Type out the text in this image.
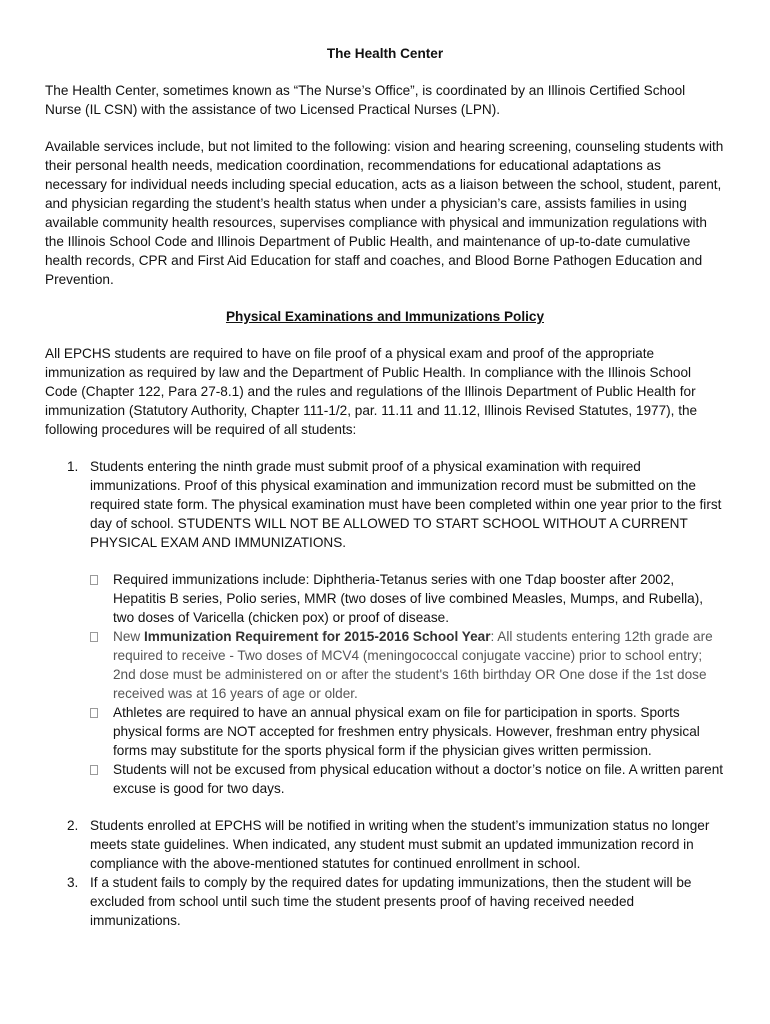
The Health Center

The Health Center, sometimes known as “The Nurse’s Office”, is coordinated by an Illinois Certified School Nurse (IL CSN) with the assistance of two Licensed Practical Nurses (LPN).

Available services include, but not limited to the following: vision and hearing screening, counseling students with their personal health needs, medication coordination, recommendations for educational adaptations as necessary for individual needs including special education, acts as a liaison between the school, student, parent, and physician regarding the student’s health status when under a physician’s care, assists families in using available community health resources, supervises compliance with physical and immunization regulations with the Illinois School Code and Illinois Department of Public Health, and maintenance of up-to-date cumulative health records, CPR and First Aid Education for staff and coaches, and Blood Borne Pathogen Education and Prevention.

Physical Examinations and Immunizations Policy

All EPCHS students are required to have on file proof of a physical exam and proof of the appropriate immunization as required by law and the Department of Public Health. In compliance with the Illinois School Code (Chapter 122, Para 27-8.1) and the rules and regulations of the Illinois Department of Public Health for immunization (Statutory Authority, Chapter 111-1/2, par. 11.11 and 11.12, Illinois Revised Statutes, 1977), the following procedures will be required of all students:

1. Students entering the ninth grade must submit proof of a physical examination with required immunizations. Proof of this physical examination and immunization record must be submitted on the required state form. The physical examination must have been completed within one year prior to the first day of school. STUDENTS WILL NOT BE ALLOWED TO START SCHOOL WITHOUT A CURRENT PHYSICAL EXAM AND IMMUNIZATIONS.
Required immunizations include: Diphtheria-Tetanus series with one Tdap booster after 2002, Hepatitis B series, Polio series, MMR (two doses of live combined Measles, Mumps, and Rubella), two doses of Varicella (chicken pox) or proof of disease.
New Immunization Requirement for 2015-2016 School Year: All students entering 12th grade are required to receive - Two doses of MCV4 (meningococcal conjugate vaccine) prior to school entry; 2nd dose must be administered on or after the student's 16th birthday OR One dose if the 1st dose received was at 16 years of age or older.
Athletes are required to have an annual physical exam on file for participation in sports. Sports physical forms are NOT accepted for freshmen entry physicals. However, freshman entry physical forms may substitute for the sports physical form if the physician gives written permission.
Students will not be excused from physical education without a doctor’s notice on file. A written parent excuse is good for two days.
2. Students enrolled at EPCHS will be notified in writing when the student’s immunization status no longer meets state guidelines. When indicated, any student must submit an updated immunization record in compliance with the above-mentioned statutes for continued enrollment in school.
3. If a student fails to comply by the required dates for updating immunizations, then the student will be excluded from school until such time the student presents proof of having received needed immunizations.
